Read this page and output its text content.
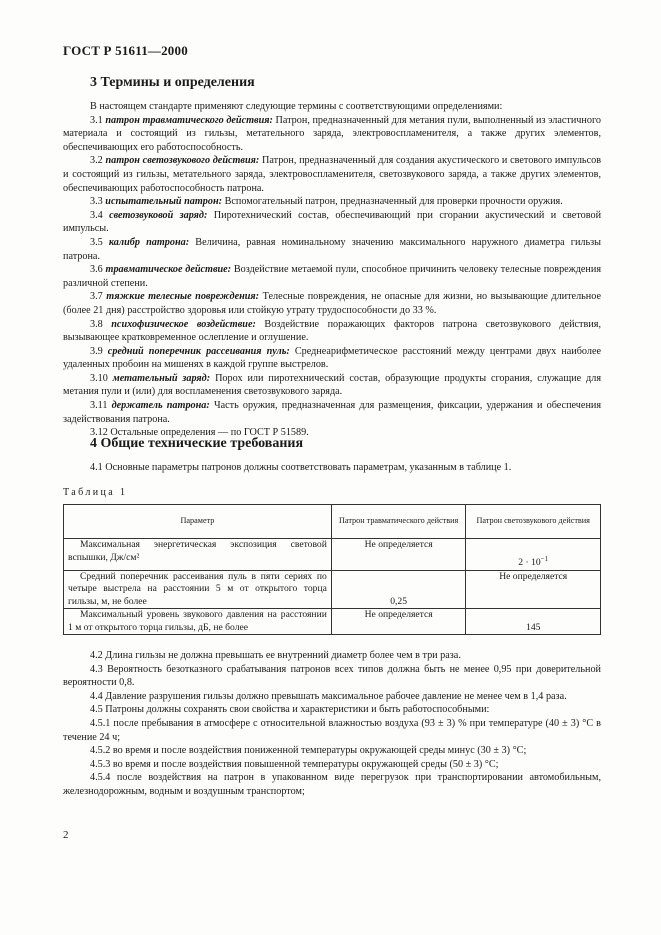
ГОСТ Р 51611—2000
3 Термины и определения

В настоящем стандарте применяют следующие термины с соответствующими определениями:

3.1 патрон травматического действия: Патрон, предназначенный для метания пули, выполненный из эластичного материала и состоящий из гильзы, метательного заряда, электровоспламенителя, а также других элементов, обеспечивающих его работоспособность.

3.2 патрон светозвукового действия: Патрон, предназначенный для создания акустического и светового импульсов и состоящий из гильзы, метательного заряда, электровоспламенителя, светозвукового заряда, а также других элементов, обеспечивающих работоспособность патрона.

3.3 испытательный патрон: Вспомогательный патрон, предназначенный для проверки прочности оружия.

3.4 светозвуковой заряд: Пиротехнический состав, обеспечивающий при сгорании акустический и световой импульсы.

3.5 калибр патрона: Величина, равная номинальному значению максимального наружного диаметра гильзы патрона.

3.6 травматическое действие: Воздействие метаемой пули, способное причинить человеку телесные повреждения различной степени.

3.7 тяжкие телесные повреждения: Телесные повреждения, не опасные для жизни, но вызывающие длительное (более 21 дня) расстройство здоровья или стойкую утрату трудоспособности до 33 %.

3.8 психофизическое воздействие: Воздействие поражающих факторов патрона светозвукового действия, вызывающее кратковременное ослепление и оглушение.

3.9 средний поперечник рассеивания пуль: Среднеарифметическое расстояний между центрами двух наиболее удаленных пробоин на мишенях в каждой группе выстрелов.

3.10 метательный заряд: Порох или пиротехнический состав, образующие продукты сгорания, служащие для метания пули и (или) для воспламенения светозвукового заряда.

3.11 держатель патрона: Часть оружия, предназначенная для размещения, фиксации, удержания и обеспечения задействования патрона.

3.12 Остальные определения — по ГОСТ Р 51589.

4 Общие технические требования

4.1 Основные параметры патронов должны соответствовать параметрам, указанным в таблице 1.

Таблица 1
Параметр	Патрон травматического действия	Патрон светозвукового действия

Максимальная энергетическая экспозиция световой вспышки, Дж/см²	Не определяется	$2 \cdot 10^{-1}$

Средний поперечник рассеивания пуль в пяти сериях по четыре выстрела на расстоянии 5 м от открытого торца гильзы, м, не более	0,25	Не определяется

Максимальный уровень звукового давления на расстоянии 1 м от открытого торца гильзы, дБ, не более	Не определяется	145

4.2 Длина гильзы не должна превышать ее внутренний диаметр более чем в три раза.

4.3 Вероятность безотказного срабатывания патронов всех типов должна быть не менее 0,95 при доверительной вероятности 0,8.

4.4 Давление разрушения гильзы должно превышать максимальное рабочее давление не менее чем в 1,4 раза.

4.5 Патроны должны сохранять свои свойства и характеристики и быть работоспособными:

4.5.1 после пребывания в атмосфере с относительной влажностью воздуха (93 ± 3) % при температуре (40 ± 3) °С в течение 24 ч;

4.5.2 во время и после воздействия пониженной температуры окружающей среды минус (30 ± 3) °С;

4.5.3 во время и после воздействия повышенной температуры окружающей среды (50 ± 3) °С;

4.5.4 после воздействия на патрон в упакованном виде перегрузок при транспортировании автомобильным, железнодорожным, водным и воздушным транспортом;

2
